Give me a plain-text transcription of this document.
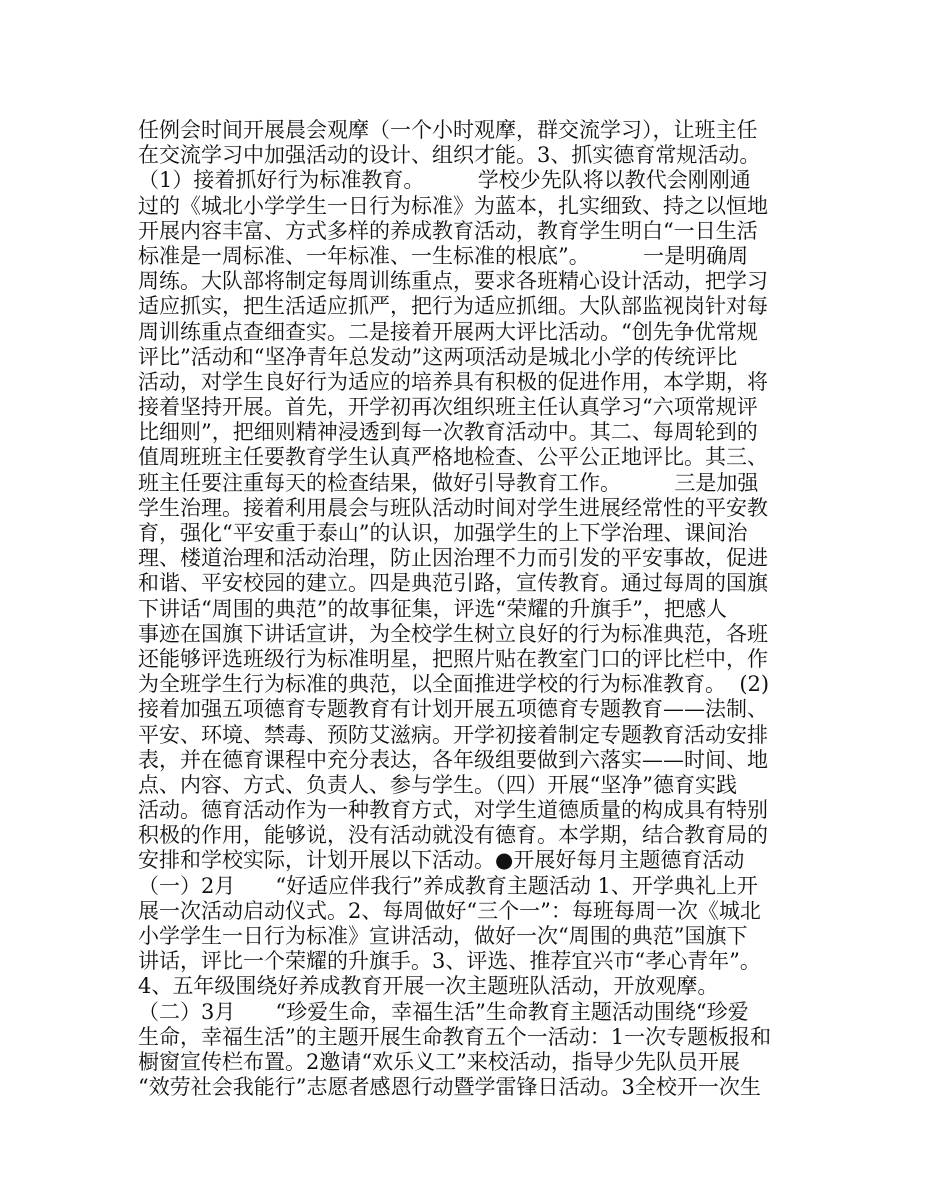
任例会时间开展晨会观摩（一个小时观摩，群交流学习），让班主任
在交流学习中加强活动的设计、组织才能。3、抓实德育常规活动。
（1）接着抓好行为标准教育。        学校少先队将以教代会刚刚通
过的《城北小学学生一日行为标准》为蓝本，扎实细致、持之以恒地
开展内容丰富、方式多样的养成教育活动，教育学生明白“一日生活
标准是一周标准、一年标准、一生标准的根底”。        一是明确周
周练。大队部将制定每周训练重点，要求各班精心设计活动，把学习
适应抓实，把生活适应抓严，把行为适应抓细。大队部监视岗针对每
周训练重点查细查实。二是接着开展两大评比活动。“创先争优常规
评比”活动和“坚净青年总发动”这两项活动是城北小学的传统评比
活动，对学生良好行为适应的培养具有积极的促进作用，本学期，将
接着坚持开展。首先，开学初再次组织班主任认真学习“六项常规评
比细则”，把细则精神浸透到每一次教育活动中。其二、每周轮到的
值周班班主任要教育学生认真严格地检查、公平公正地评比。其三、
班主任要注重每天的检查结果，做好引导教育工作。        三是加强
学生治理。接着利用晨会与班队活动时间对学生进展经常性的平安教
育，强化“平安重于泰山”的认识，加强学生的上下学治理、课间治
理、楼道治理和活动治理，防止因治理不力而引发的平安事故，促进
和谐、平安校园的建立。四是典范引路，宣传教育。通过每周的国旗
下讲话“周围的典范”的故事征集，评选“荣耀的升旗手”，把感人
事迹在国旗下讲话宣讲，为全校学生树立良好的行为标准典范，各班
还能够评选班级行为标准明星，把照片贴在教室门口的评比栏中，作
为全班学生行为标准的典范，以全面推进学校的行为标准教育。  (2)
接着加强五项德育专题教育有计划开展五项德育专题教育——法制、
平安、环境、禁毒、预防艾滋病。开学初接着制定专题教育活动安排
表，并在德育课程中充分表达，各年级组要做到六落实——时间、地
点、内容、方式、负责人、参与学生。（四）开展“坚净”德育实践
活动。德育活动作为一种教育方式，对学生道德质量的构成具有特别
积极的作用，能够说，没有活动就没有德育。本学期，结合教育局的
安排和学校实际，计划开展以下活动。●开展好每月主题德育活动
（一）2月      “好适应伴我行”养成教育主题活动 1、开学典礼上开
展一次活动启动仪式。2、每周做好“三个一”：每班每周一次《城北
小学学生一日行为标准》宣讲活动，做好一次“周围的典范”国旗下
讲话，评比一个荣耀的升旗手。3、评选、推荐宜兴市“孝心青年”。
4、五年级围绕好养成教育开展一次主题班队活动，开放观摩。
（二）3月      “珍爱生命，幸福生活”生命教育主题活动围绕“珍爱
生命，幸福生活”的主题开展生命教育五个一活动：1一次专题板报和
橱窗宣传栏布置。2邀请“欢乐义工”来校活动，指导少先队员开展
“效劳社会我能行”志愿者感恩行动暨学雷锋日活动。3全校开一次生
